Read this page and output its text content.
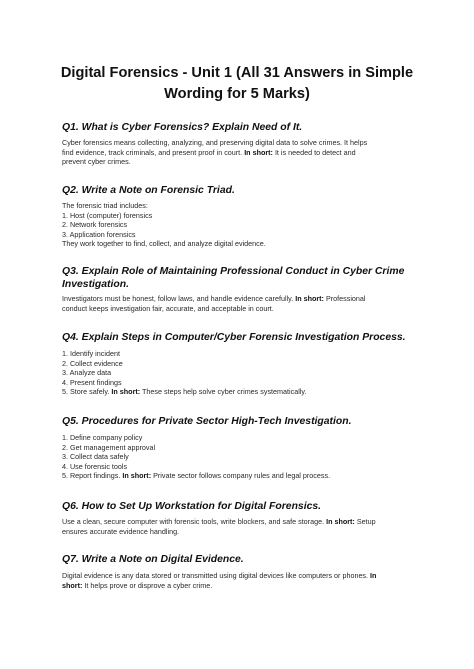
Digital Forensics - Unit 1 (All 31 Answers in Simple
Wording for 5 Marks)
Q1. What is Cyber Forensics? Explain Need of It.
Cyber forensics means collecting, analyzing, and preserving digital data to solve crimes. It helps
find evidence, track criminals, and present proof in court. In short: It is needed to detect and
prevent cyber crimes.
Q2. Write a Note on Forensic Triad.
The forensic triad includes:
1. Host (computer) forensics
2. Network forensics
3. Application forensics
They work together to find, collect, and analyze digital evidence.
Q3. Explain Role of Maintaining Professional Conduct in Cyber Crime
Investigation.
Investigators must be honest, follow laws, and handle evidence carefully. In short: Professional
conduct keeps investigation fair, accurate, and acceptable in court.
Q4. Explain Steps in Computer/Cyber Forensic Investigation Process.
1. Identify incident
2. Collect evidence
3. Analyze data
4. Present findings
5. Store safely. In short: These steps help solve cyber crimes systematically.
Q5. Procedures for Private Sector High-Tech Investigation.
1. Define company policy
2. Get management approval
3. Collect data safely
4. Use forensic tools
5. Report findings. In short: Private sector follows company rules and legal process.
Q6. How to Set Up Workstation for Digital Forensics.
Use a clean, secure computer with forensic tools, write blockers, and safe storage. In short: Setup
ensures accurate evidence handling.
Q7. Write a Note on Digital Evidence.
Digital evidence is any data stored or transmitted using digital devices like computers or phones. In
short: It helps prove or disprove a cyber crime.
